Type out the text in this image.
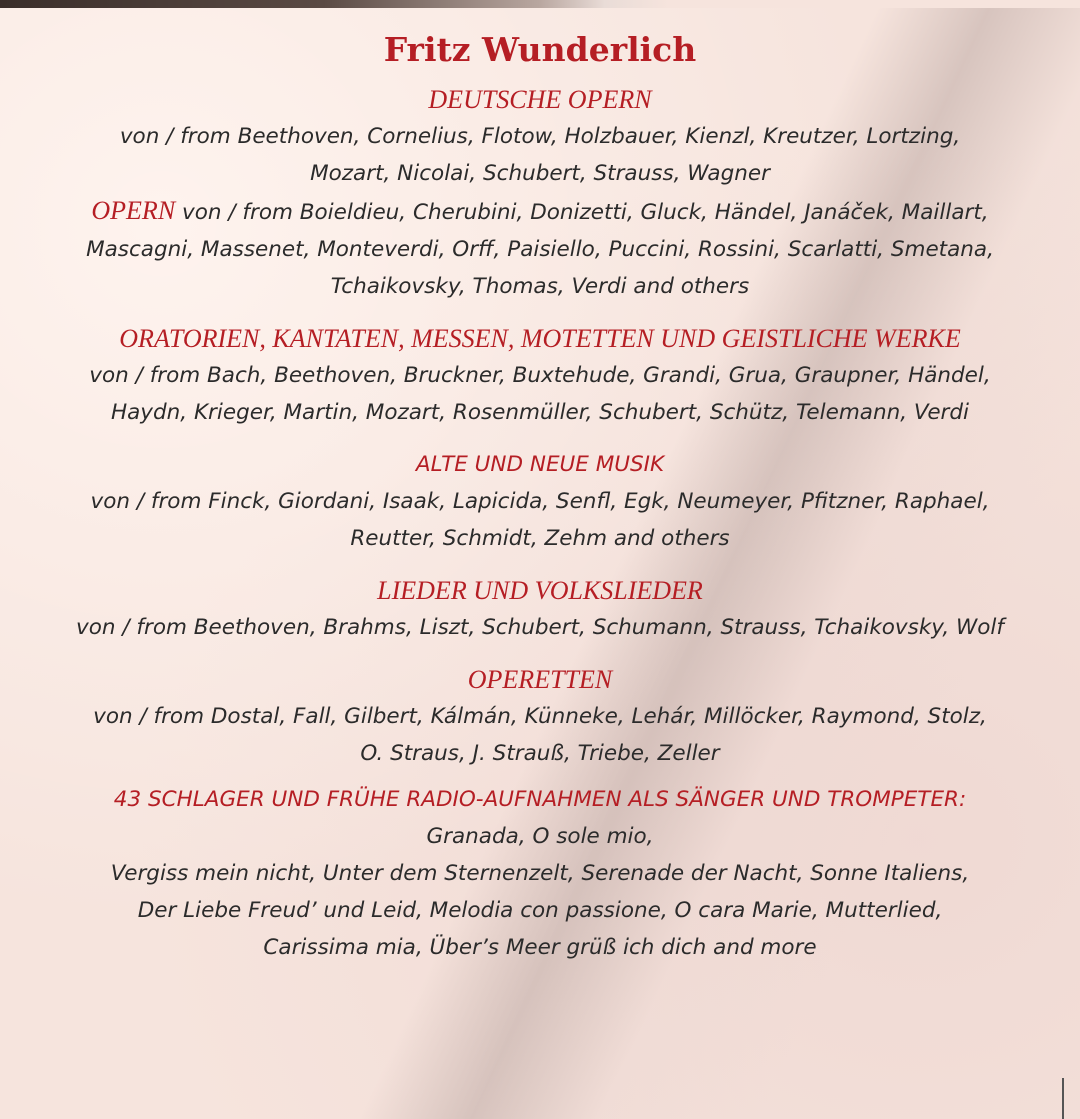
Fritz Wunderlich

DEUTSCHE OPERN

von / from Beethoven, Cornelius, Flotow, Holzbauer, Kienzl, Kreutzer, Lortzing,

Mozart, Nicolai, Schubert, Strauss, Wagner

OPERN von / from Boieldieu, Cherubini, Donizetti, Gluck, Händel, Janáček, Maillart,

Mascagni, Massenet, Monteverdi, Orff, Paisiello, Puccini, Rossini, Scarlatti, Smetana,

Tchaikovsky, Thomas, Verdi and others

ORATORIEN, KANTATEN, MESSEN, MOTETTEN UND GEISTLICHE WERKE

von / from Bach, Beethoven, Bruckner, Buxtehude, Grandi, Grua, Graupner, Händel,

Haydn, Krieger, Martin, Mozart, Rosenmüller, Schubert, Schütz, Telemann, Verdi

ALTE UND NEUE MUSIK

von / from Finck, Giordani, Isaak, Lapicida, Senfl, Egk, Neumeyer, Pfitzner, Raphael,

Reutter, Schmidt, Zehm and others

LIEDER UND VOLKSLIEDER

von / from Beethoven, Brahms, Liszt, Schubert, Schumann, Strauss, Tchaikovsky, Wolf

OPERETTEN

von / from Dostal, Fall, Gilbert, Kálmán, Künneke, Lehár, Millöcker, Raymond, Stolz,

O. Straus, J. Strauß, Triebe, Zeller

43 SCHLAGER UND FRÜHE RADIO-AUFNAHMEN ALS SÄNGER UND TROMPETER:

Granada, O sole mio,

Vergiss mein nicht, Unter dem Sternenzelt, Serenade der Nacht, Sonne Italiens,

Der Liebe Freud’ und Leid, Melodia con passione, O cara Marie, Mutterlied,

Carissima mia, Über’s Meer grüß ich dich and more
